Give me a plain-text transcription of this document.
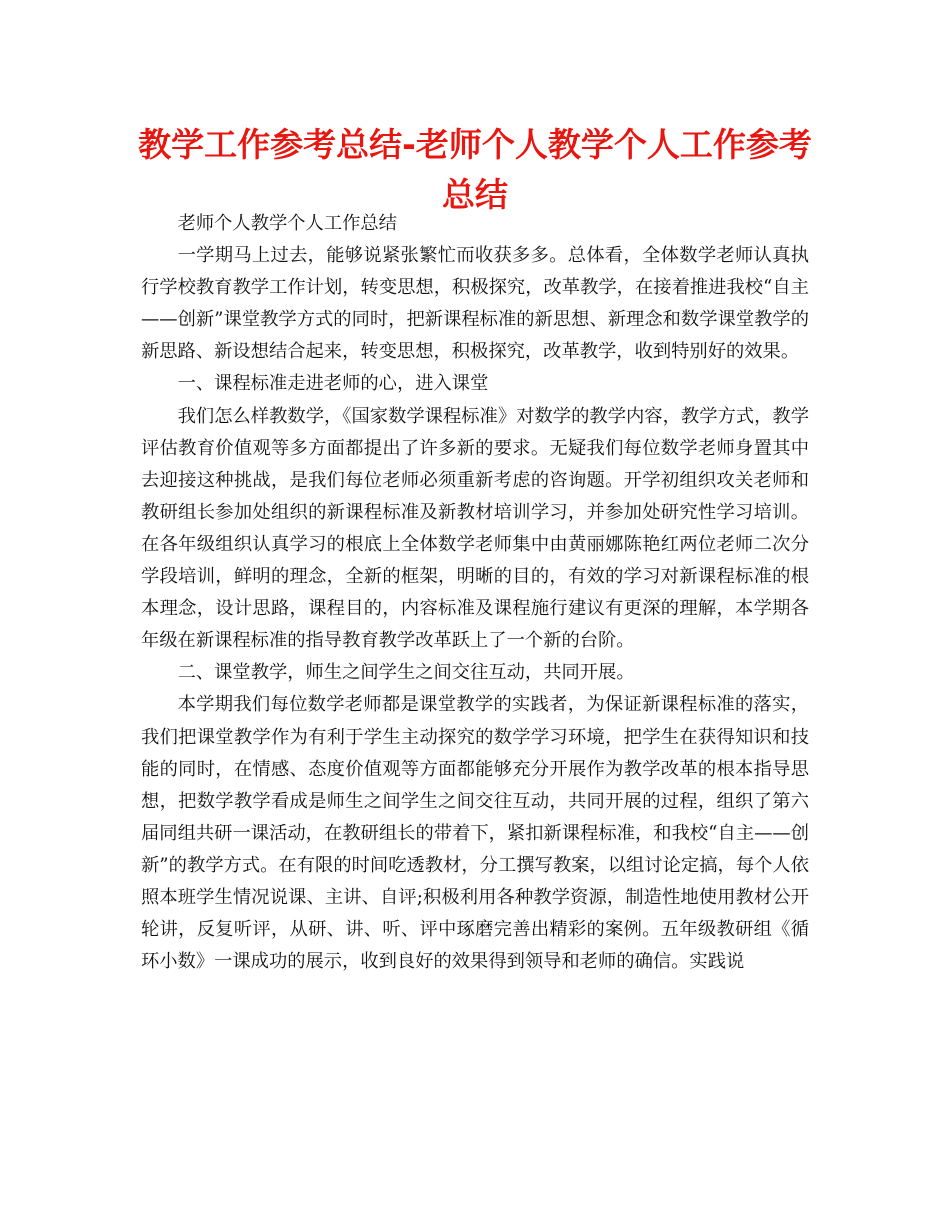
教学工作参考总结-老师个人教学个人工作参考总结

老师个人教学个人工作总结

一学期马上过去，能够说紧张繁忙而收获多多。总体看，全体数学老师认真执行学校教育教学工作计划，转变思想，积极探究，改革教学，在接着推进我校“自主——创新”课堂教学方式的同时，把新课程标准的新思想、新理念和数学课堂教学的新思路、新设想结合起来，转变思想，积极探究，改革教学，收到特别好的效果。

一、课程标准走进老师的心，进入课堂

我们怎么样教数学，《国家数学课程标准》对数学的教学内容，教学方式，教学评估教育价值观等多方面都提出了许多新的要求。无疑我们每位数学老师身置其中去迎接这种挑战，是我们每位老师必须重新考虑的咨询题。开学初组织攻关老师和教研组长参加处组织的新课程标准及新教材培训学习，并参加处研究性学习培训。在各年级组织认真学习的根底上全体数学老师集中由黄丽娜陈艳红两位老师二次分学段培训，鲜明的理念，全新的框架，明晰的目的，有效的学习对新课程标准的根本理念，设计思路，课程目的，内容标准及课程施行建议有更深的理解，本学期各年级在新课程标准的指导教育教学改革跃上了一个新的台阶。

二、课堂教学，师生之间学生之间交往互动，共同开展。

本学期我们每位数学老师都是课堂教学的实践者，为保证新课程标准的落实，我们把课堂教学作为有利于学生主动探究的数学学习环境，把学生在获得知识和技能的同时，在情感、态度价值观等方面都能够充分开展作为教学改革的根本指导思想，把数学教学看成是师生之间学生之间交往互动，共同开展的过程，组织了第六届同组共研一课活动，在教研组长的带着下，紧扣新课程标准，和我校“自主——创新”的教学方式。在有限的时间吃透教材，分工撰写教案，以组讨论定搞，每个人依照本班学生情况说课、主讲、自评;积极利用各种教学资源，制造性地使用教材公开轮讲，反复听评，从研、讲、听、评中琢磨完善出精彩的案例。五年级教研组《循环小数》一课成功的展示，收到良好的效果得到领导和老师的确信。实践说
